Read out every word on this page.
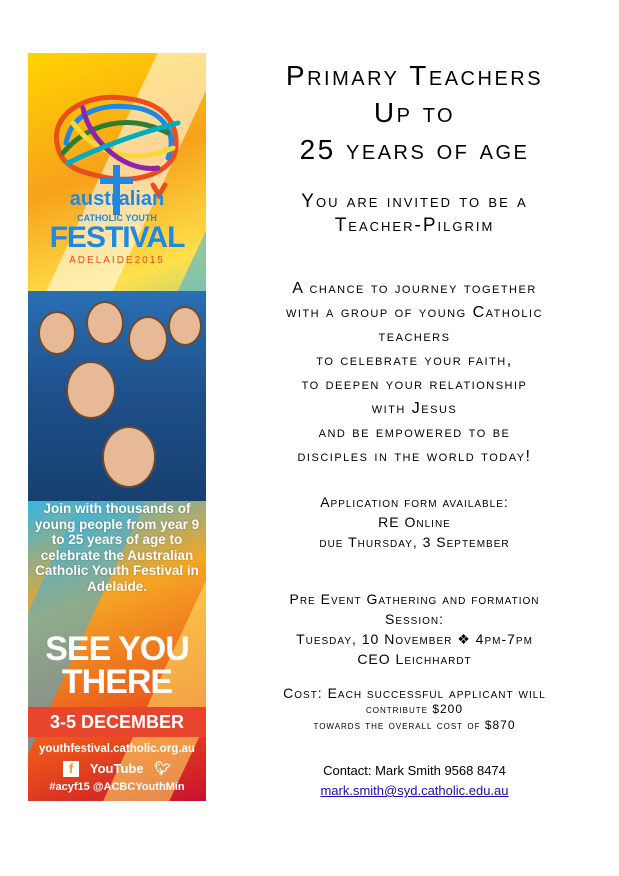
australian
CATHOLIC YOUTH
FESTIVAL
ADELAIDE2015
Join with thousands of young people from year 9 to 25 years of age to celebrate the Australian Catholic Youth Festival in Adelaide.
SEE YOU
THERE
3-5 DECEMBER
youthfestival.catholic.org.au
f YouTube 🐦︎
#acyf15 @ACBCYouthMin
Primary Teachers
Up to
25 years of age
You are invited to be a
Teacher-Pilgrim
A chance to journey together
with a group of young Catholic
teachers
to celebrate your faith,
to deepen your relationship
with Jesus
and be empowered to be
disciples in the world today!
Application form available:
RE Online
due Thursday, 3 September
Pre Event Gathering and formation
Session:
Tuesday, 10 November ❖ 4pm-7pm
CEO Leichhardt
Cost: Each successful applicant will
contribute $200
towards the overall cost of $870
Contact: Mark Smith 9568 8474
mark.smith@syd.catholic.edu.au
